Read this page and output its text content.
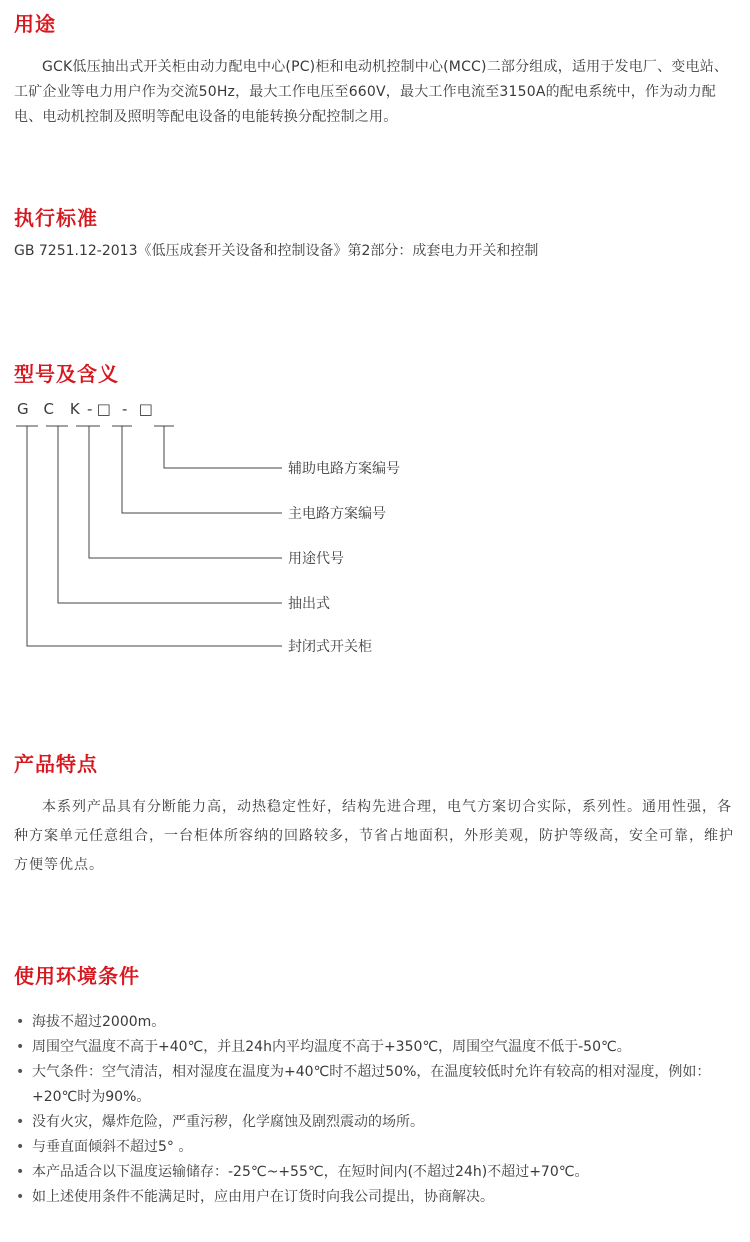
用途

GCK低压抽出式开关柜由动力配电中心(PC)柜和电动机控制中心(MCC)二部分组成，适用于发电厂、变电站、工矿企业等电力用户作为交流50Hz，最大工作电压至660V，最大工作电流至3150A的配电系统中，作为动力配电、电动机控制及照明等配电设备的电能转换分配控制之用。

执行标准

GB 7251.12-2013《低压成套开关设备和控制设备》第2部分：成套电力开关和控制

型号及含义

G C K - □ - □

辅助电路方案编号

主电路方案编号

用途代号

抽出式

封闭式开关柜

产品特点

本系列产品具有分断能力高，动热稳定性好，结构先进合理，电气方案切合实际，系列性。通用性强，各种方案单元任意组合，一台柜体所容纳的回路较多，节省占地面积，外形美观，防护等级高，安全可靠，维护方便等优点。

使用环境条件
• 海拔不超过2000m。
• 周围空气温度不高于+40℃，并且24h内平均温度不高于+350℃，周围空气温度不低于-50℃。
• 大气条件：空气清洁，相对湿度在温度为+40℃时不超过50%，在温度较低时允许有较高的相对湿度，例如：+20℃时为90%。
• 没有火灾，爆炸危险，严重污秽，化学腐蚀及剧烈震动的场所。
• 与垂直面倾斜不超过5° 。
• 本产品适合以下温度运输储存：-25℃~+55℃，在短时间内(不超过24h)不超过+70℃。
• 如上述使用条件不能满足时，应由用户在订货时向我公司提出，协商解决。
